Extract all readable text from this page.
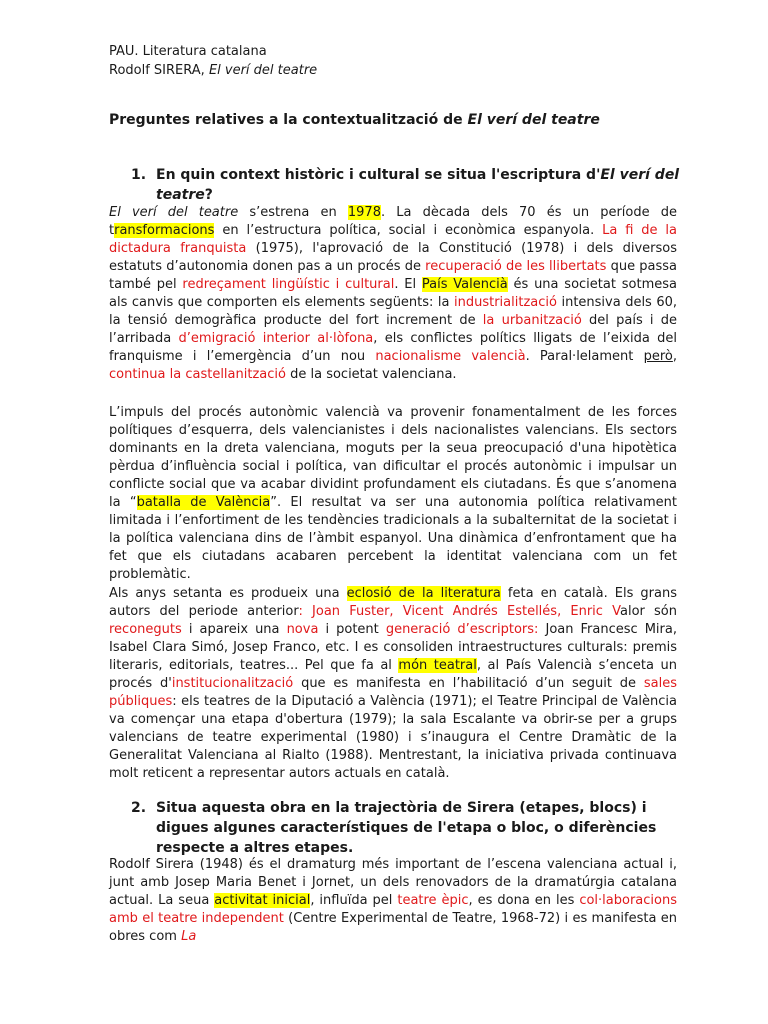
PAU. Literatura catalana
Rodolf SIRERA, El verí del teatre
Preguntes relatives a la contextualització de El verí del teatre
1. En quin context històric i cultural se situa l'escriptura d'El verí del teatre?
El verí del teatre s’estrena en 1978. La dècada dels 70 és un període de transformacions en l’estructura política, social i econòmica espanyola. La fi de la dictadura franquista (1975), l'aprovació de la Constitució (1978) i dels diversos estatuts d’autonomia donen pas a un procés de recuperació de les llibertats que passa també pel redreçament lingüístic i cultural. El País Valencià és una societat sotmesa als canvis que comporten els elements següents: la industrialització intensiva dels 60, la tensió demogràfica producte del fort increment de la urbanització del país i de l’arribada d’emigració interior al·lòfona, els conflictes polítics lligats de l’eixida del franquisme i l’emergència d’un nou nacionalisme valencià. Paral·lelament però, continua la castellanització de la societat valenciana.
L’impuls del procés autonòmic valencià va provenir fonamentalment de les forces polítiques d’esquerra, dels valencianistes i dels nacionalistes valencians. Els sectors dominants en la dreta valenciana, moguts per la seua preocupació d'una hipotètica pèrdua d’influència social i política, van dificultar el procés autonòmic i impulsar un conflicte social que va acabar dividint profundament els ciutadans. És que s’anomena la “batalla de València”. El resultat va ser una autonomia política relativament limitada i l’enfortiment de les tendències tradicionals a la subalternitat de la societat i la política valenciana dins de l’àmbit espanyol. Una dinàmica d’enfrontament que ha fet que els ciutadans acabaren percebent la identitat valenciana com un fet problemàtic.
Als anys setanta es produeix una eclosió de la literatura feta en català. Els grans autors del periode anterior: Joan Fuster, Vicent Andrés Estellés, Enric Valor són reconeguts i apareix una nova i potent generació d’escriptors: Joan Francesc Mira, Isabel Clara Simó, Josep Franco, etc. I es consoliden intraestructures culturals: premis literaris, editorials, teatres... Pel que fa al món teatral, al País Valencià s’enceta un procés d'institucionalització que es manifesta en l’habilitació d’un seguit de sales públiques: els teatres de la Diputació a València (1971); el Teatre Principal de València va començar una etapa d'obertura (1979); la sala Escalante va obrir-se per a grups valencians de teatre experimental (1980) i s’inaugura el Centre Dramàtic de la Generalitat Valenciana al Rialto (1988). Mentrestant, la iniciativa privada continuava molt reticent a representar autors actuals en català.
2. Situa aquesta obra en la trajectòria de Sirera (etapes, blocs) i digues algunes característiques de l'etapa o bloc, o diferències respecte a altres etapes.
Rodolf Sirera (1948) és el dramaturg més important de l’escena valenciana actual i, junt amb Josep Maria Benet i Jornet, un dels renovadors de la dramatúrgia catalana actual. La seua activitat inicial, influïda pel teatre èpic, es dona en les col·laboracions amb el teatre independent (Centre Experimental de Teatre, 1968-72) i es manifesta en obres com La
